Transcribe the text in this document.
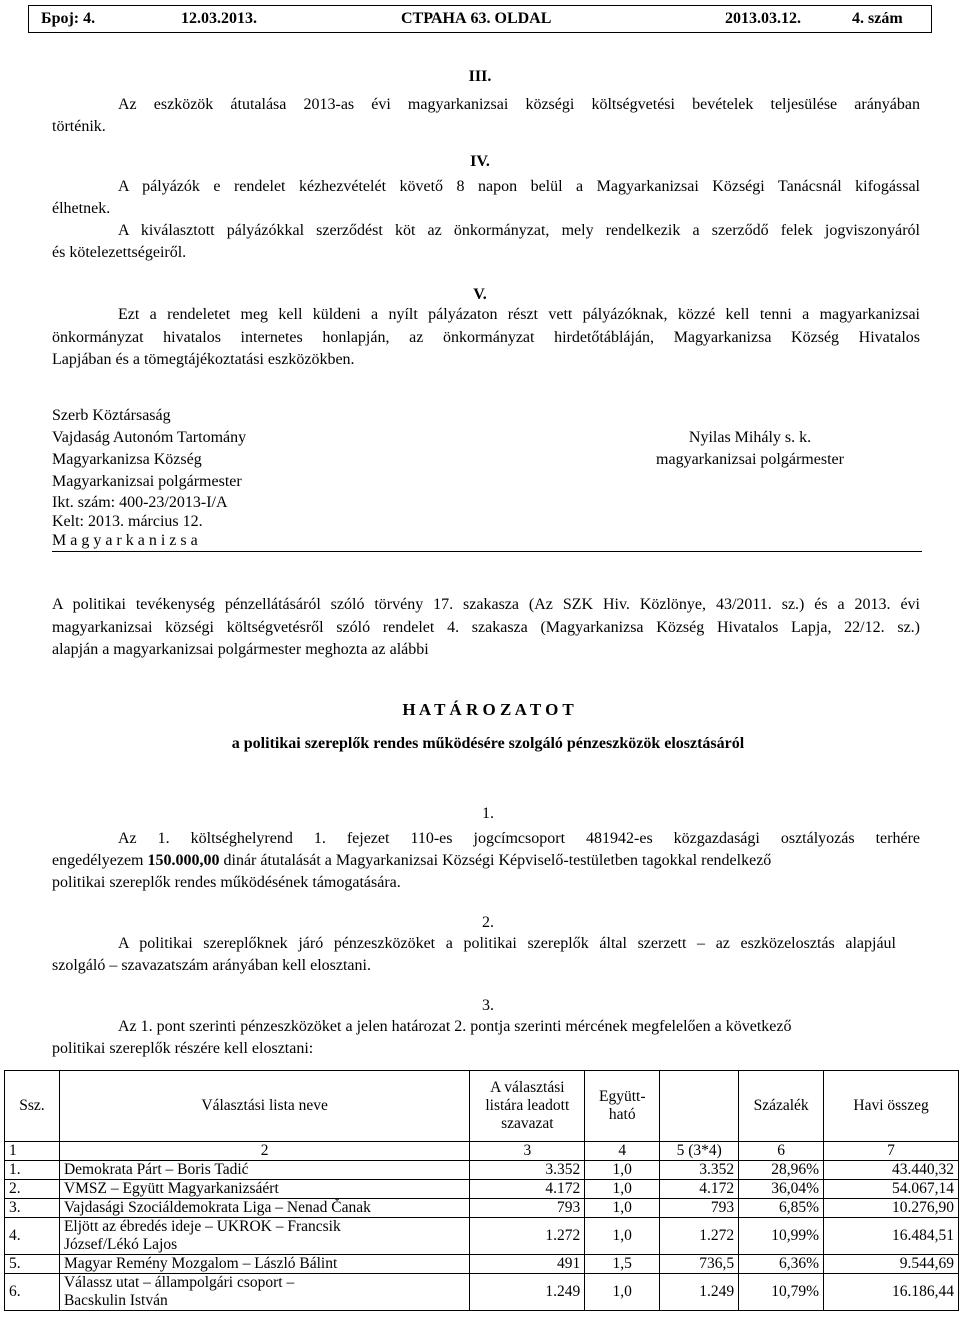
Број: 4.	12.03.2013.	СТРАНА 63. OLDAL	2013.03.12.	4. szám
III.
Az eszközök átutalása 2013-as évi magyarkanizsai községi költségvetési bevételek teljesülése arányában
történik.
IV.
A pályázók e rendelet kézhezvételét követő 8 napon belül a Magyarkanizsai Községi Tanácsnál kifogással
élhetnek.
A kiválasztott pályázókkal szerződést köt az önkormányzat, mely rendelkezik a szerződő felek jogviszonyáról
és kötelezettségeiről.
V.
Ezt a rendeletet meg kell küldeni a nyílt pályázaton részt vett pályázóknak, közzé kell tenni a magyarkanizsai
önkormányzat hivatalos internetes honlapján, az önkormányzat hirdetőtábláján, Magyarkanizsa Község Hivatalos
Lapjában és a tömegtájékoztatási eszközökben.
Szerb Köztársaság
Vajdaság Autonóm Tartomány
Magyarkanizsa Község
Magyarkanizsai polgármester
Ikt. szám: 400-23/2013-I/A
Kelt: 2013. március 12.
M a g y a r k a n i z s a
Nyilas Mihály s. k.
magyarkanizsai polgármester
A politikai tevékenység pénzellátásáról szóló törvény 17. szakasza (Az SZK Hiv. Közlönye, 43/2011. sz.) és a 2013. évi
magyarkanizsai községi költségvetésről szóló rendelet 4. szakasza (Magyarkanizsa Község Hivatalos Lapja, 22/12. sz.)
alapján a magyarkanizsai polgármester meghozta az alábbi
H A T Á R O Z A T O T
a politikai szereplők rendes működésére szolgáló pénzeszközök elosztásáról
1.
Az 1. költséghelyrend 1. fejezet 110-es jogcímcsoport 481942-es közgazdasági osztályozás terhére
engedélyezem 150.000,00 dinár átutalását a Magyarkanizsai Községi Képviselő-testületben tagokkal rendelkező
politikai szereplők rendes működésének támogatására.
2.
A politikai szereplőknek járó pénzeszközöket a politikai szereplők által szerzett – az eszközelosztás alapjául
szolgáló – szavazatszám arányában kell elosztani.
3.
Az 1. pont szerinti pénzeszközöket a jelen határozat 2. pontja szerinti mércének megfelelően a következő
politikai szereplők részére kell elosztani:
Ssz.	Választási lista neve	A választási
listára leadott
szavazat	Együtt-
ható		Százalék	Havi összeg
1	2	3	4	5 (3*4)	6	7
1.	Demokrata Párt – Boris Tadić	3.352	1,0	3.352	28,96%	43.440,32
2.	VMSZ – Együtt Magyarkanizsáért	4.172	1,0	4.172	36,04%	54.067,14
3.	Vajdasági Szociáldemokrata Liga – Nenad Čanak	793	1,0	793	6,85%	10.276,90
4.	Eljött az ébredés ideje – UKROK – Francsik
József/Lékó Lajos	1.272	1,0	1.272	10,99%	16.484,51
5.	Magyar Remény Mozgalom – László Bálint	491	1,5	736,5	6,36%	9.544,69
6.	Válassz utat – állampolgári csoport –
Bacskulin István	1.249	1,0	1.249	10,79%	16.186,44
